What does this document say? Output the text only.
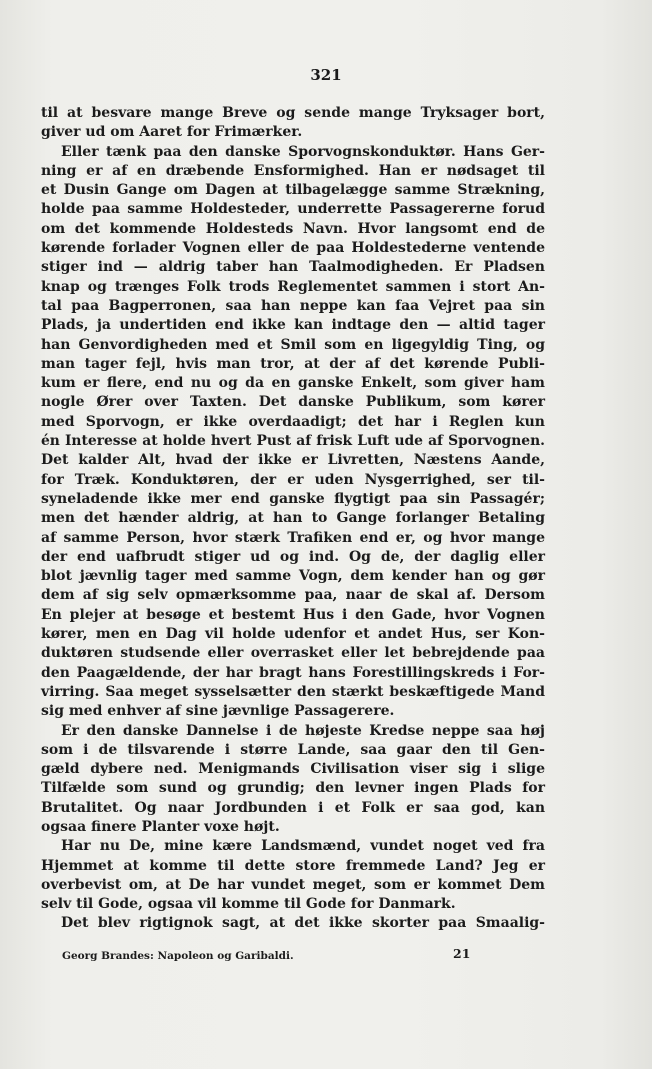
321
til at besvare mange Breve og sende mange Tryksager bort,
giver ud om Aaret for Frimærker.
Eller tænk paa den danske Sporvognskonduktør. Hans Ger-
ning er af en dræbende Ensformighed. Han er nødsaget til
et Dusin Gange om Dagen at tilbagelægge samme Strækning,
holde paa samme Holdesteder, underrette Passagererne forud
om det kommende Holdesteds Navn. Hvor langsomt end de
kørende forlader Vognen eller de paa Holdestederne ventende
stiger ind — aldrig taber han Taalmodigheden. Er Pladsen
knap og trænges Folk trods Reglementet sammen i stort An-
tal paa Bagperronen, saa han neppe kan faa Vejret paa sin
Plads, ja undertiden end ikke kan indtage den — altid tager
han Genvordigheden med et Smil som en ligegyldig Ting, og
man tager fejl, hvis man tror, at der af det kørende Publi-
kum er flere, end nu og da en ganske Enkelt, som giver ham
nogle Ører over Taxten. Det danske Publikum, som kører
med Sporvogn, er ikke overdaadigt; det har i Reglen kun
én Interesse at holde hvert Pust af frisk Luft ude af Sporvognen.
Det kalder Alt, hvad der ikke er Livretten, Næstens Aande,
for Træk. Konduktøren, der er uden Nysgerrighed, ser til-
syneladende ikke mer end ganske flygtigt paa sin Passagér;
men det hænder aldrig, at han to Gange forlanger Betaling
af samme Person, hvor stærk Trafiken end er, og hvor mange
der end uafbrudt stiger ud og ind. Og de, der daglig eller
blot jævnlig tager med samme Vogn, dem kender han og gør
dem af sig selv opmærksomme paa, naar de skal af. Dersom
En plejer at besøge et bestemt Hus i den Gade, hvor Vognen
kører, men en Dag vil holde udenfor et andet Hus, ser Kon-
duktøren studsende eller overrasket eller let bebrejdende paa
den Paagældende, der har bragt hans Forestillingskreds i For-
virring. Saa meget sysselsætter den stærkt beskæftigede Mand
sig med enhver af sine jævnlige Passagerere.
Er den danske Dannelse i de højeste Kredse neppe saa høj
som i de tilsvarende i større Lande, saa gaar den til Gen-
gæld dybere ned. Menigmands Civilisation viser sig i slige
Tilfælde som sund og grundig; den levner ingen Plads for
Brutalitet. Og naar Jordbunden i et Folk er saa god, kan
ogsaa finere Planter voxe højt.
Har nu De, mine kære Landsmænd, vundet noget ved fra
Hjemmet at komme til dette store fremmede Land? Jeg er
overbevist om, at De har vundet meget, som er kommet Dem
selv til Gode, ogsaa vil komme til Gode for Danmark.
Det blev rigtignok sagt, at det ikke skorter paa Smaalig-
Georg Brandes: Napoleon og Garibaldi.	21
